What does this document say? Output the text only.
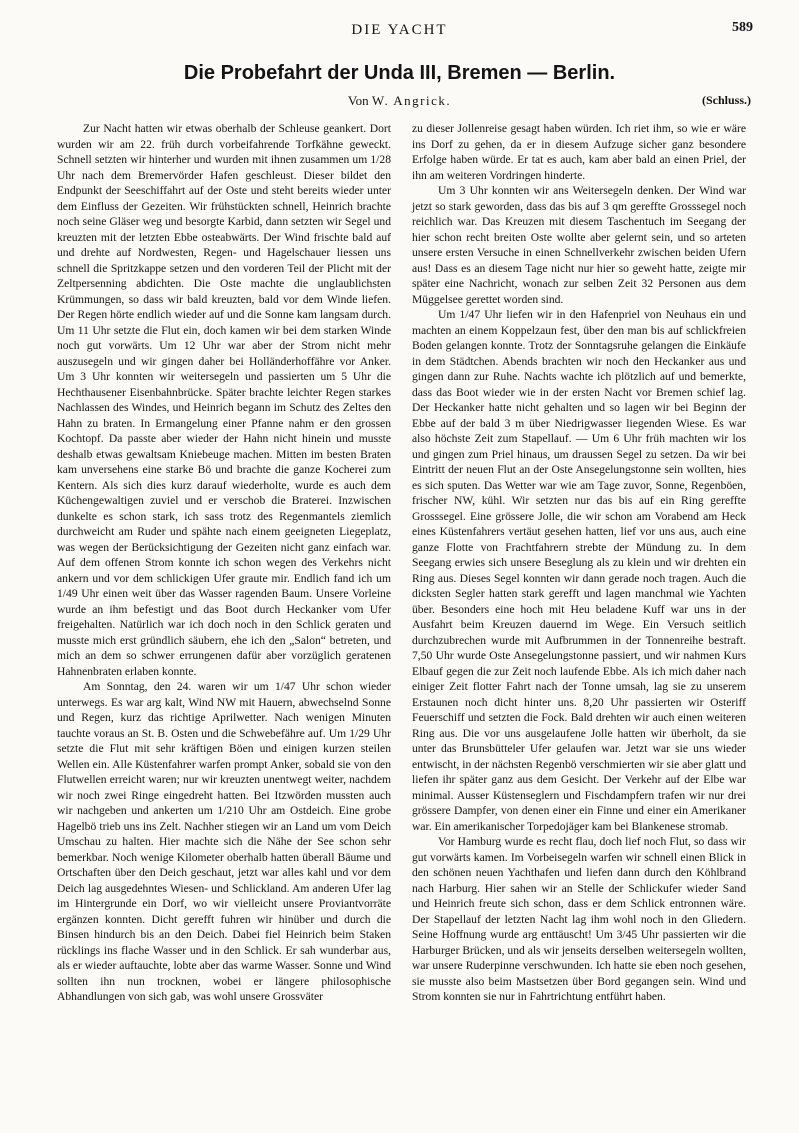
DIE YACHT	589
Die Probefahrt der Unda III, Bremen — Berlin.
Von W. Angrick.	(Schluss.)

Zur Nacht hatten wir etwas oberhalb der Schleuse geankert. Dort wurden wir am 22. früh durch vorbeifahrende Torfkähne geweckt. Schnell setzten wir hinterher und wurden mit ihnen zusammen um 1/28 Uhr nach dem Bremervörder Hafen geschleust. Dieser bildet den Endpunkt der Seeschiffahrt auf der Oste und steht bereits wieder unter dem Einfluss der Gezeiten. Wir frühstückten schnell, Heinrich brachte noch seine Gläser weg und besorgte Karbid, dann setzten wir Segel und kreuzten mit der letzten Ebbe osteabwärts. Der Wind frischte bald auf und drehte auf Nordwesten, Regen- und Hagelschauer liessen uns schnell die Spritzkappe setzen und den vorderen Teil der Plicht mit der Zeltpersenning abdichten. Die Oste machte die unglaublichsten Krümmungen, so dass wir bald kreuzten, bald vor dem Winde liefen. Der Regen hörte endlich wieder auf und die Sonne kam langsam durch. Um 11 Uhr setzte die Flut ein, doch kamen wir bei dem starken Winde noch gut vorwärts. Um 12 Uhr war aber der Strom nicht mehr auszusegeln und wir gingen daher bei Holländerhoffähre vor Anker. Um 3 Uhr konnten wir weitersegeln und passierten um 5 Uhr die Hechthausener Eisenbahnbrücke. Später brachte leichter Regen starkes Nachlassen des Windes, und Heinrich begann im Schutz des Zeltes den Hahn zu braten. In Ermangelung einer Pfanne nahm er den grossen Kochtopf. Da passte aber wieder der Hahn nicht hinein und musste deshalb etwas gewaltsam Kniebeuge machen. Mitten im besten Braten kam unversehens eine starke Bö und brachte die ganze Kocherei zum Kentern. Als sich dies kurz darauf wiederholte, wurde es auch dem Küchengewaltigen zuviel und er verschob die Braterei. Inzwischen dunkelte es schon stark, ich sass trotz des Regenmantels ziemlich durchweicht am Ruder und spähte nach einem geeigneten Liegeplatz, was wegen der Berücksichtigung der Gezeiten nicht ganz einfach war. Auf dem offenen Strom konnte ich schon wegen des Verkehrs nicht ankern und vor dem schlickigen Ufer graute mir. Endlich fand ich um 1/49 Uhr einen weit über das Wasser ragenden Baum. Unsere Vorleine wurde an ihm befestigt und das Boot durch Heckanker vom Ufer freigehalten. Natürlich war ich doch noch in den Schlick geraten und musste mich erst gründlich säubern, ehe ich den „Salon“ betreten, und mich an dem so schwer errungenen dafür aber vorzüglich geratenen Hahnenbraten erlaben konnte.

Am Sonntag, den 24. waren wir um 1/47 Uhr schon wieder unterwegs. Es war arg kalt, Wind NW mit Hauern, abwechselnd Sonne und Regen, kurz das richtige Aprilwetter. Nach wenigen Minuten tauchte voraus an St. B. Osten und die Schwebefähre auf. Um 1/29 Uhr setzte die Flut mit sehr kräftigen Böen und einigen kurzen steilen Wellen ein. Alle Küstenfahrer warfen prompt Anker, sobald sie von den Flutwellen erreicht waren; nur wir kreuzten unentwegt weiter, nachdem wir noch zwei Ringe eingedreht hatten. Bei Itzwörden mussten auch wir nachgeben und ankerten um 1/210 Uhr am Ostdeich. Eine grobe Hagelbö trieb uns ins Zelt. Nachher stiegen wir an Land um vom Deich Umschau zu halten. Hier machte sich die Nähe der See schon sehr bemerkbar. Noch wenige Kilometer oberhalb hatten überall Bäume und Ortschaften über den Deich geschaut, jetzt war alles kahl und vor dem Deich lag ausgedehntes Wiesen- und Schlickland. Am anderen Ufer lag im Hintergrunde ein Dorf, wo wir vielleicht unsere Proviantvorräte ergänzen konnten. Dicht gerefft fuhren wir hinüber und durch die Binsen hindurch bis an den Deich. Dabei fiel Heinrich beim Staken rücklings ins flache Wasser und in den Schlick. Er sah wunderbar aus, als er wieder auftauchte, lobte aber das warme Wasser. Sonne und Wind sollten ihn nun trocknen, wobei er längere philosophische Abhandlungen von sich gab, was wohl unsere Grossväter

zu dieser Jollenreise gesagt haben würden. Ich riet ihm, so wie er wäre ins Dorf zu gehen, da er in diesem Aufzuge sicher ganz besondere Erfolge haben würde. Er tat es auch, kam aber bald an einen Priel, der ihn am weiteren Vordringen hinderte.

Um 3 Uhr konnten wir ans Weitersegeln denken. Der Wind war jetzt so stark geworden, dass das bis auf 3 qm gereffte Grosssegel noch reichlich war. Das Kreuzen mit diesem Taschentuch im Seegang der hier schon recht breiten Oste wollte aber gelernt sein, und so arteten unsere ersten Versuche in einen Schnellverkehr zwischen beiden Ufern aus! Dass es an diesem Tage nicht nur hier so geweht hatte, zeigte mir später eine Nachricht, wonach zur selben Zeit 32 Personen aus dem Müggelsee gerettet worden sind.

Um 1/47 Uhr liefen wir in den Hafenpriel von Neuhaus ein und machten an einem Koppelzaun fest, über den man bis auf schlickfreien Boden gelangen konnte. Trotz der Sonntagsruhe gelangen die Einkäufe in dem Städtchen. Abends brachten wir noch den Heckanker aus und gingen dann zur Ruhe. Nachts wachte ich plötzlich auf und bemerkte, dass das Boot wieder wie in der ersten Nacht vor Bremen schief lag. Der Heckanker hatte nicht gehalten und so lagen wir bei Beginn der Ebbe auf der bald 3 m über Niedrigwasser liegenden Wiese. Es war also höchste Zeit zum Stapellauf. — Um 6 Uhr früh machten wir los und gingen zum Priel hinaus, um draussen Segel zu setzen. Da wir bei Eintritt der neuen Flut an der Oste Ansegelungstonne sein wollten, hies es sich sputen. Das Wetter war wie am Tage zuvor, Sonne, Regenböen, frischer NW, kühl. Wir setzten nur das bis auf ein Ring gereffte Grosssegel. Eine grössere Jolle, die wir schon am Vorabend am Heck eines Küstenfahrers vertäut gesehen hatten, lief vor uns aus, auch eine ganze Flotte von Frachtfahrern strebte der Mündung zu. In dem Seegang erwies sich unsere Beseglung als zu klein und wir drehten ein Ring aus. Dieses Segel konnten wir dann gerade noch tragen. Auch die dicksten Segler hatten stark gerefft und lagen manchmal wie Yachten über. Besonders eine hoch mit Heu beladene Kuff war uns in der Ausfahrt beim Kreuzen dauernd im Wege. Ein Versuch seitlich durchzubrechen wurde mit Aufbrummen in der Tonnenreihe bestraft. 7,50 Uhr wurde Oste Ansegelungstonne passiert, und wir nahmen Kurs Elbauf gegen die zur Zeit noch laufende Ebbe. Als ich mich daher nach einiger Zeit flotter Fahrt nach der Tonne umsah, lag sie zu unserem Erstaunen noch dicht hinter uns. 8,20 Uhr passierten wir Osteriff Feuerschiff und setzten die Fock. Bald drehten wir auch einen weiteren Ring aus. Die vor uns ausgelaufene Jolle hatten wir überholt, da sie unter das Brunsbütteler Ufer gelaufen war. Jetzt war sie uns wieder entwischt, in der nächsten Regenbö verschmierten wir sie aber glatt und liefen ihr später ganz aus dem Gesicht. Der Verkehr auf der Elbe war minimal. Ausser Küstenseglern und Fischdampfern trafen wir nur drei grössere Dampfer, von denen einer ein Finne und einer ein Amerikaner war. Ein amerikanischer Torpedojäger kam bei Blankenese stromab.

Vor Hamburg wurde es recht flau, doch lief noch Flut, so dass wir gut vorwärts kamen. Im Vorbeisegeln warfen wir schnell einen Blick in den schönen neuen Yachthafen und liefen dann durch den Köhlbrand nach Harburg. Hier sahen wir an Stelle der Schlickufer wieder Sand und Heinrich freute sich schon, dass er dem Schlick entronnen wäre. Der Stapellauf der letzten Nacht lag ihm wohl noch in den Gliedern. Seine Hoffnung wurde arg enttäuscht! Um 3/45 Uhr passierten wir die Harburger Brücken, und als wir jenseits derselben weitersegeln wollten, war unsere Ruderpinne verschwunden. Ich hatte sie eben noch gesehen, sie musste also beim Mastsetzen über Bord gegangen sein. Wind und Strom konnten sie nur in Fahrtrichtung entführt haben.
